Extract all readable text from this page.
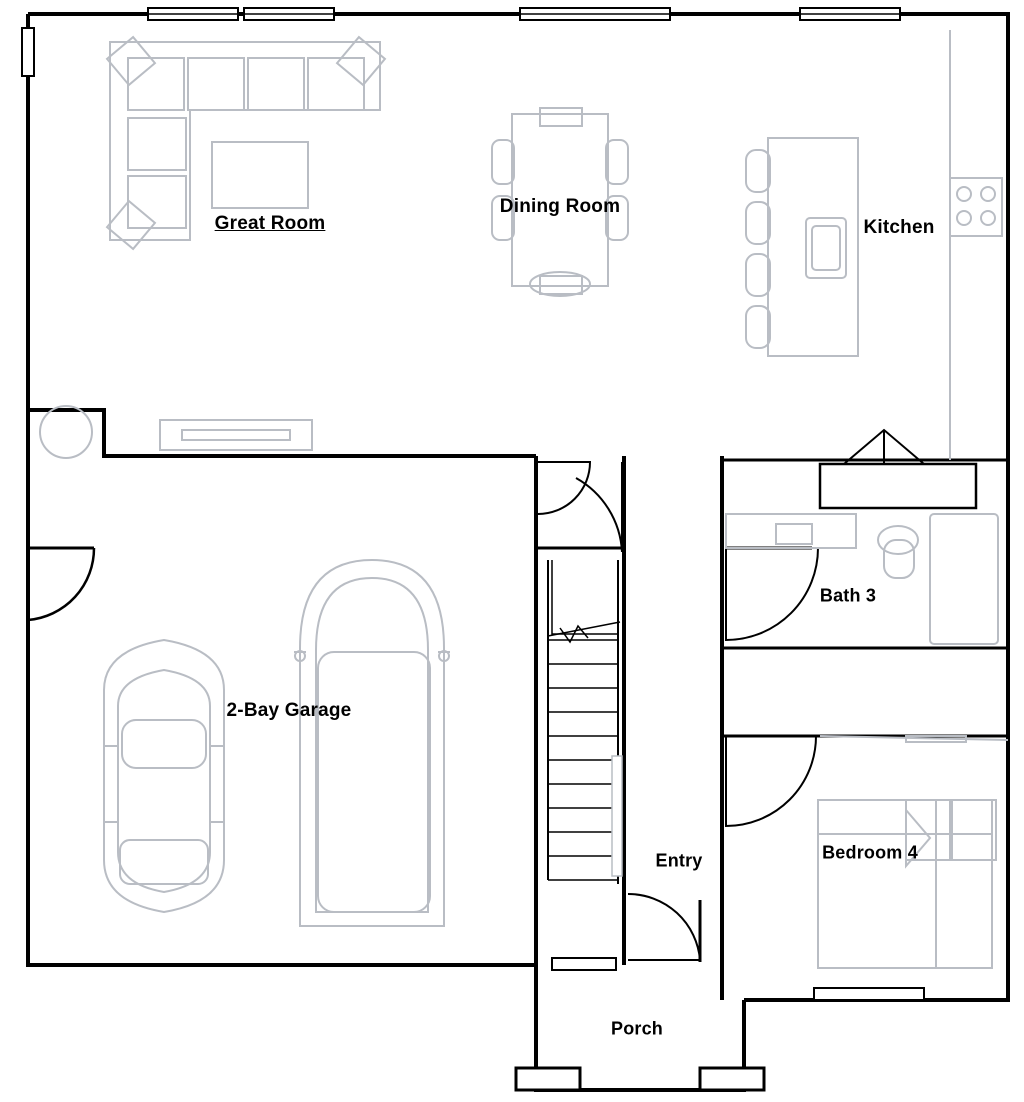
Great Room
Dining Room
Kitchen
Bath 3
2-Bay Garage
Entry	Bedroom 4
Porch
